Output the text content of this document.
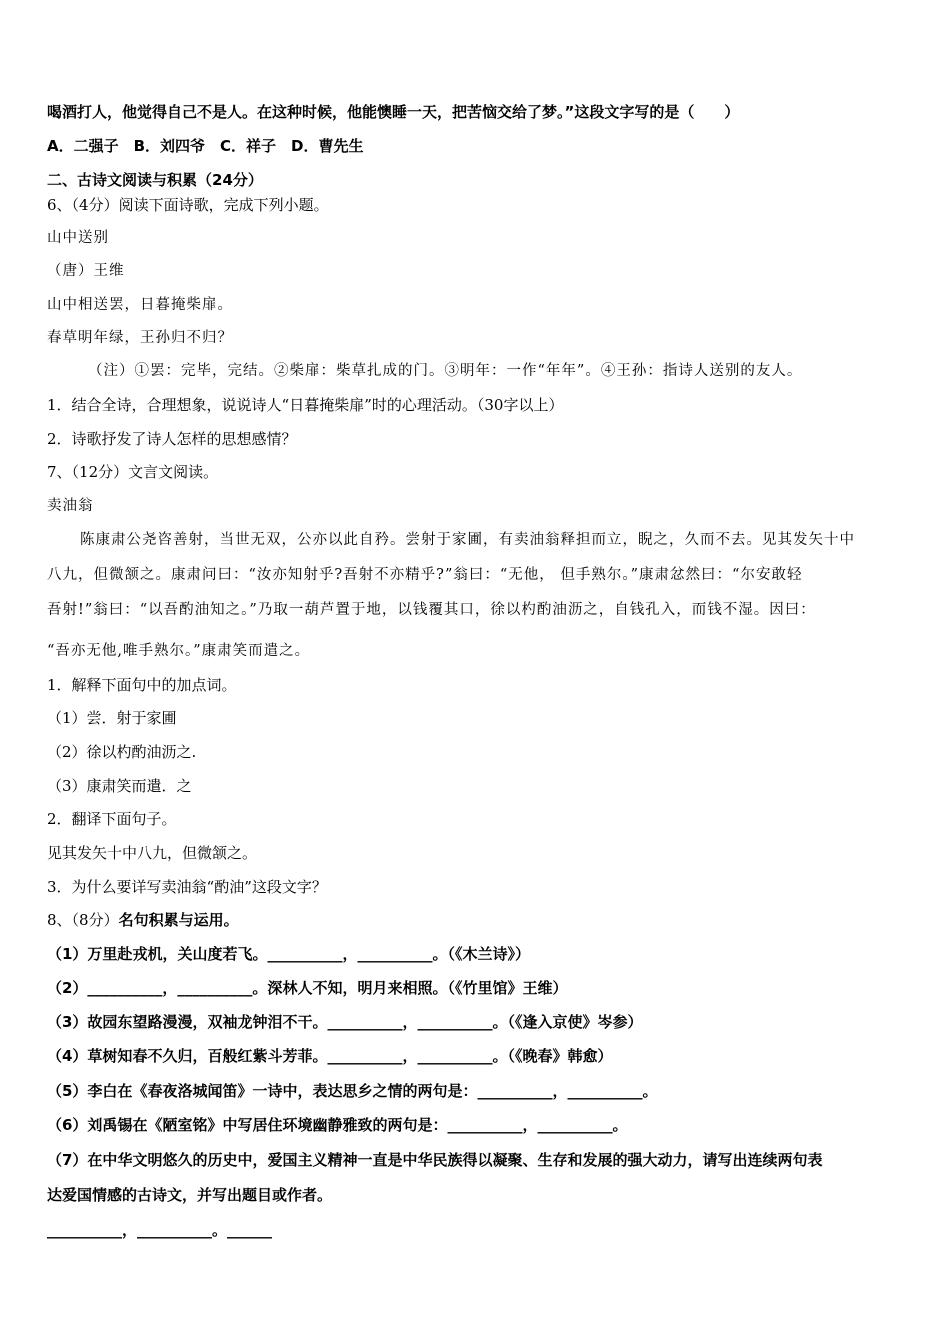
喝酒打人，他觉得自己不是人。在这种时候，他能懊睡一天，把苦恼交给了梦。”这段文字写的是（　　）
A．二强子　B．刘四爷　C．祥子　D．曹先生
二、古诗文阅读与积累（24分）
6、（4分）阅读下面诗歌，完成下列小题。
山中送别
（唐）王维
山中相送罢，日暮掩柴扉。
春草明年绿，王孙归不归？
（注）①罢：完毕，完结。②柴扉：柴草扎成的门。③明年：一作“年年”。④王孙：指诗人送别的友人。
1．结合全诗，合理想象，说说诗人“日暮掩柴扉”时的心理活动。（30字以上）
2．诗歌抒发了诗人怎样的思想感情？
7、（12分）文言文阅读。
卖油翁
陈康肃公尧咨善射，当世无双，公亦以此自矜。尝射于家圃，有卖油翁释担而立，睨之，久而不去。见其发矢十中
八九，但微颔之。康肃问曰：“汝亦知射乎?吾射不亦精乎?”翁曰：“无他， 但手熟尔。”康肃忿然曰：“尔安敢轻
吾射!”翁曰：“以吾酌油知之。”乃取一葫芦置于地，以钱覆其口，徐以杓酌油沥之，自钱孔入，而钱不湿。因曰：
“吾亦无他,唯手熟尔。”康肃笑而遣之。
1．解释下面句中的加点词。
（1）尝．射于家圃
（2）徐以杓酌油沥之.
（3）康肃笑而遣．之
2．翻译下面句子。
见其发矢十中八九，但微颔之。
3．为什么要详写卖油翁“酌油”这段文字？
8、（8分）名句积累与运用。
（1）万里赴戎机，关山度若飞。__________，__________。（《木兰诗》）
（2）__________，__________。深林人不知，明月来相照。（《竹里馆》王维）
（3）故园东望路漫漫，双袖龙钟泪不干。__________，__________。（《逢入京使》岑参）
（4）草树知春不久归，百般红紫斗芳菲。__________，__________。（《晚春》韩愈）
（5）李白在《春夜洛城闻笛》一诗中，表达思乡之情的两句是：__________，__________。
（6）刘禹锡在《陋室铭》中写居住环境幽静雅致的两句是：__________，__________。
（7）在中华文明悠久的历史中，爱国主义精神一直是中华民族得以凝聚、生存和发展的强大动力，请写出连续两句表
达爱国情感的古诗文，并写出题目或作者。
__________，__________。______
